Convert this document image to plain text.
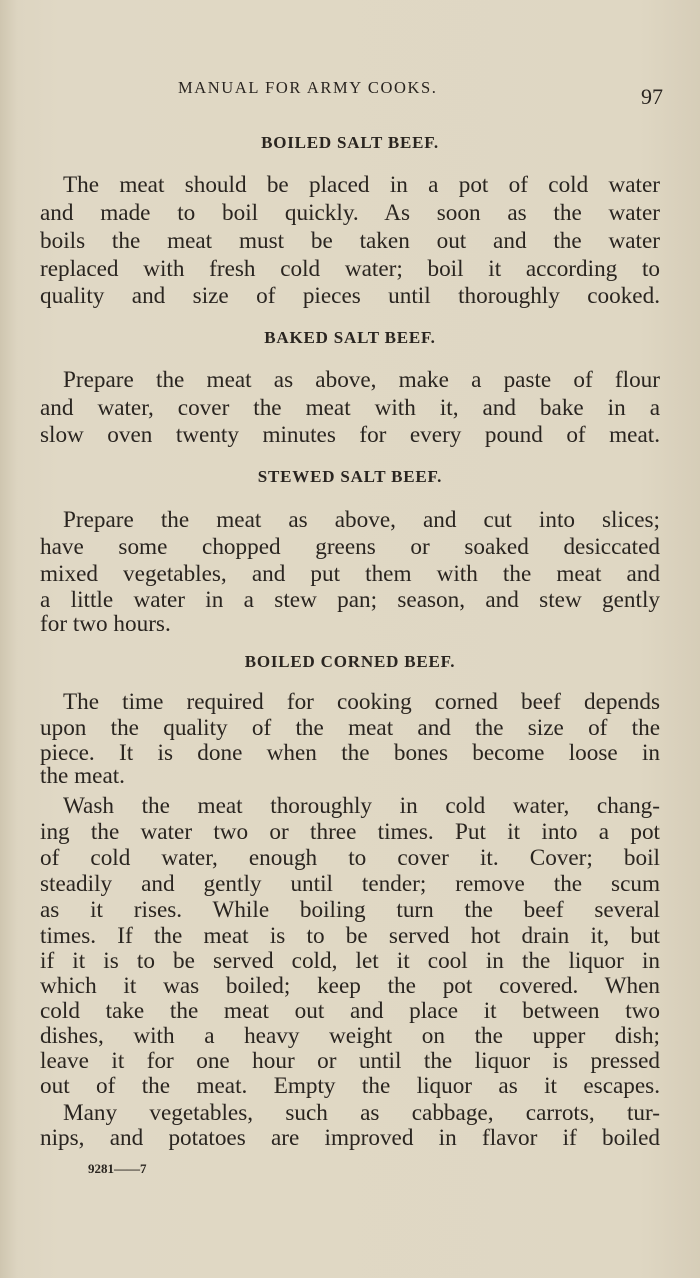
MANUAL FOR ARMY COOKS.	97
BOILED SALT BEEF.
The meat should be placed in a pot of cold water
and made to boil quickly. As soon as the water
boils the meat must be taken out and the water
replaced with fresh cold water; boil it according to
quality and size of pieces until thoroughly cooked.
BAKED SALT BEEF.
Prepare the meat as above, make a paste of flour
and water, cover the meat with it, and bake in a
slow oven twenty minutes for every pound of meat.
STEWED SALT BEEF.
Prepare the meat as above, and cut into slices;
have some chopped greens or soaked desiccated
mixed vegetables, and put them with the meat and
a little water in a stew pan; season, and stew gently
for two hours.
BOILED CORNED BEEF.
The time required for cooking corned beef depends
upon the quality of the meat and the size of the
piece. It is done when the bones become loose in
the meat.
Wash the meat thoroughly in cold water, chang-
ing the water two or three times. Put it into a pot
of cold water, enough to cover it. Cover; boil
steadily and gently until tender; remove the scum
as it rises. While boiling turn the beef several
times. If the meat is to be served hot drain it, but
if it is to be served cold, let it cool in the liquor in
which it was boiled; keep the pot covered. When
cold take the meat out and place it between two
dishes, with a heavy weight on the upper dish;
leave it for one hour or until the liquor is pressed
out of the meat. Empty the liquor as it escapes.
Many vegetables, such as cabbage, carrots, tur-
nips, and potatoes are improved in flavor if boiled
9281——7
